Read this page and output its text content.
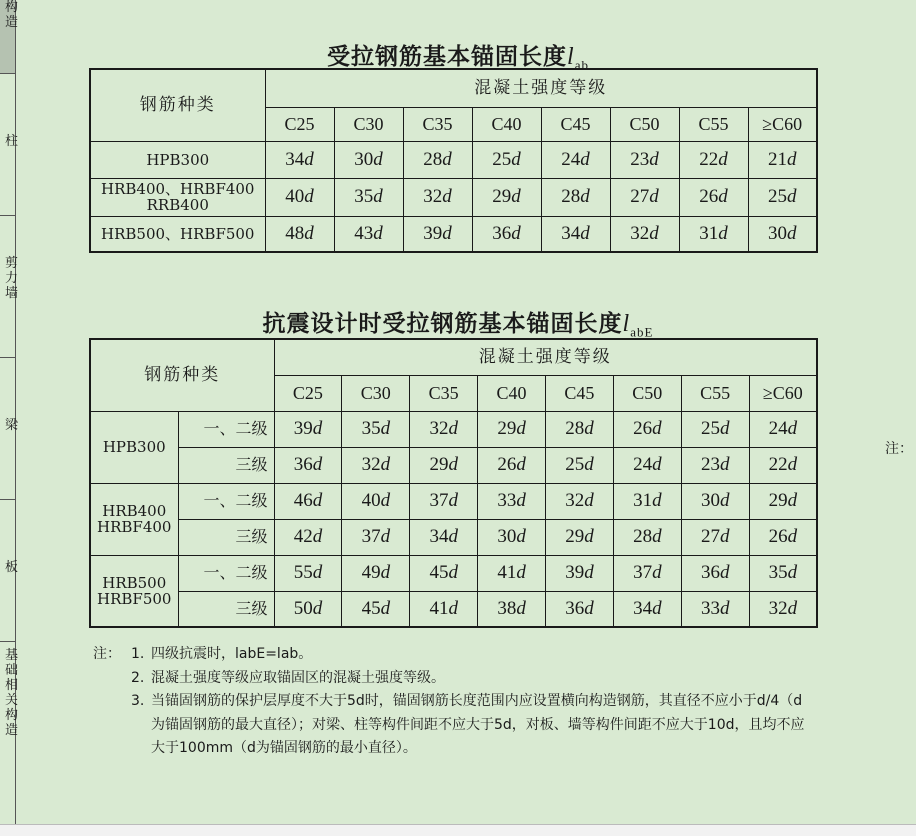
构造
柱
剪力墙
梁
板
基础相关构造
受拉钢筋基本锚固长度$l_{ab}$
钢筋种类	混凝土强度等级							
	C25	C30	C35	C40	C45	C50	C55	≥C60
HPB300	34d	30d	28d	25d	24d	23d	22d	21d
HRB400、HRBF400
RRB400	40d	35d	32d	29d	28d	27d	26d	25d
HRB500、HRBF500	48d	43d	39d	36d	34d	32d	31d	30d
抗震设计时受拉钢筋基本锚固长度$l_{abE}$
钢筋种类		混凝土强度等级							
		C25	C30	C35	C40	C45	C50	C55	≥C60
HPB300	一、二级	39d	35d	32d	29d	28d	26d	25d	24d
	三级	36d	32d	29d	26d	25d	24d	23d	22d
HRB400
HRBF400	一、二级	46d	40d	37d	33d	32d	31d	30d	29d
	三级	42d	37d	34d	30d	29d	28d	27d	26d
HRB500
HRBF500	一、二级	55d	49d	45d	41d	39d	37d	36d	35d
	三级	50d	45d	41d	38d	36d	34d	33d	32d
注： 1. 四级抗震时，labE=lab。
2. 混凝土强度等级应取锚固区的混凝土强度等级。
3. 当锚固钢筋的保护层厚度不大于5d时，锚固钢筋长度范围内应设置横向构造钢筋，其直径不应小于d/4（d为锚固钢筋的最大直径）；对梁、柱等构件间距不应大于5d，对板、墙等构件间距不应大于10d，且均不应大于100mm（d为锚固钢筋的最小直径）。
注：
